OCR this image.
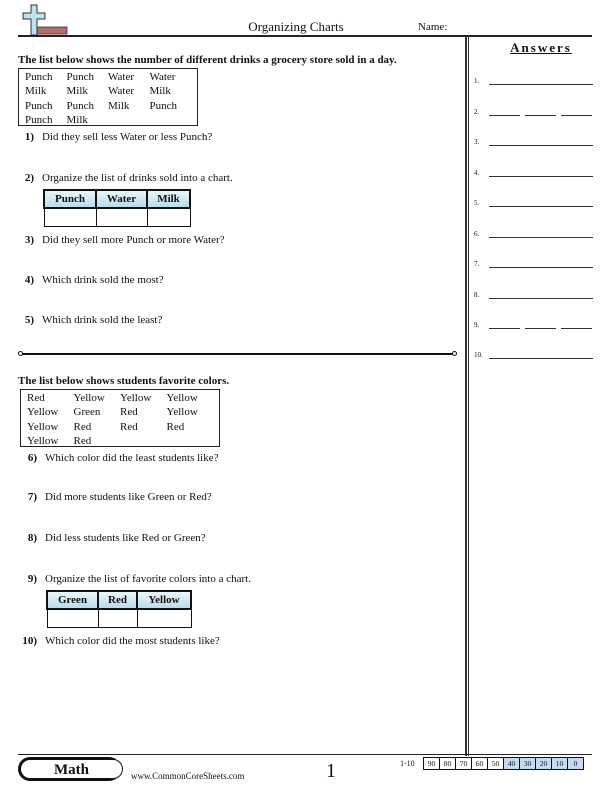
Organizing Charts	Name:
The list below shows the number of different drinks a grocery store sold in a day.
Punch	Punch	Water	Water
Milk	Milk	Water	Milk
Punch	Punch	Milk	Punch
Punch	Milk		
1) Did they sell less Water or less Punch?
2) Organize the list of drinks sold into a chart.
Punch	Water	Milk

3) Did they sell more Punch or more Water?
4) Which drink sold the most?
5) Which drink sold the least?
The list below shows students favorite colors.
Red	Yellow	Yellow	Yellow
Yellow	Green	Red	Yellow
Yellow	Red	Red	Red
Yellow	Red		
6) Which color did the least students like?
7) Did more students like Green or Red?
8) Did less students like Red or Green?
9) Organize the list of favorite colors into a chart.
Green	Red	Yellow

10) Which color did the most students like?
Answers
1.
2.
3.
4.
5.
6.
7.
8.
9.
10.
Math	www.CommonCoreSheets.com	1	1-10 90	80	70	60	50	40	30	20	10	0
